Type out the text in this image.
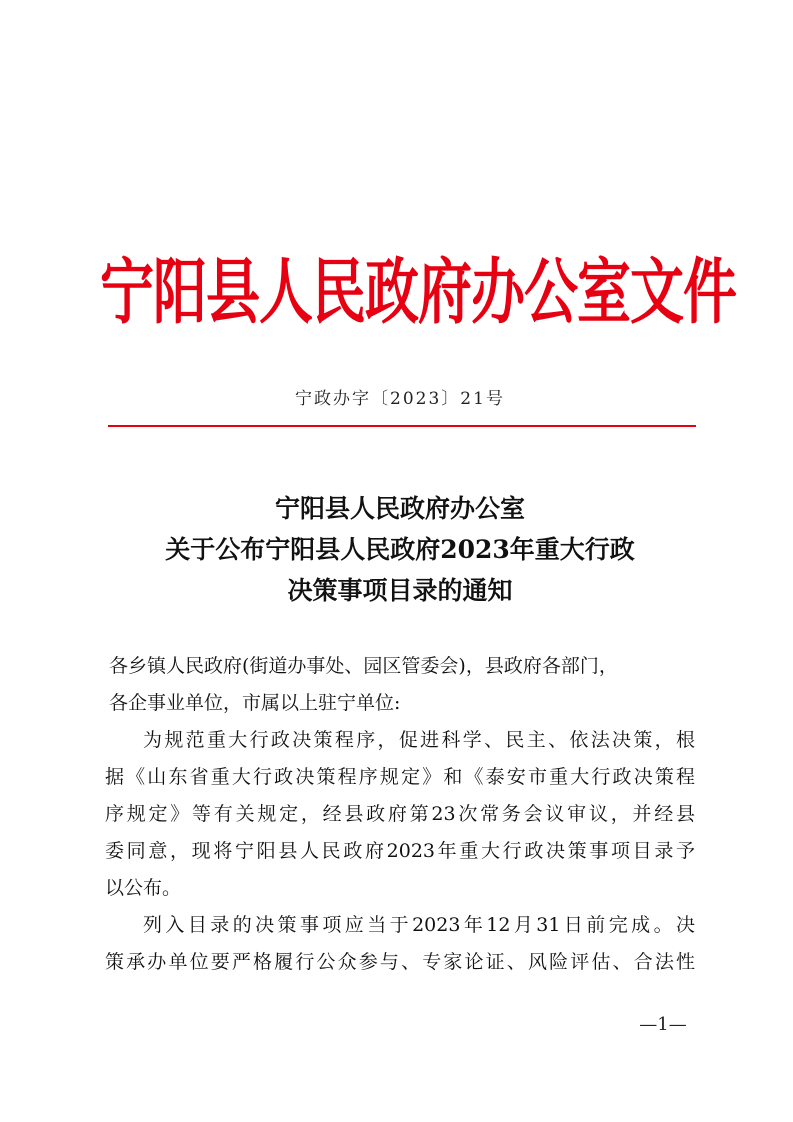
宁阳县人民政府办公室文件
宁政办字〔2023〕21号
宁阳县人民政府办公室
关于公布宁阳县人民政府2023年重大行政
决策事项目录的通知
各乡镇人民政府(街道办事处、园区管委会)，县政府各部门，
各企事业单位，市属以上驻宁单位:
为规范重大行政决策程序，促进科学、民主、依法决策，根
据《山东省重大行政决策程序规定》和《泰安市重大行政决策程
序规定》等有关规定，经县政府第23次常务会议审议，并经县
委同意，现将宁阳县人民政府2023年重大行政决策事项目录予
以公布。
列入目录的决策事项应当于2023年12月31日前完成。决
策承办单位要严格履行公众参与、专家论证、风险评估、合法性
—1—
